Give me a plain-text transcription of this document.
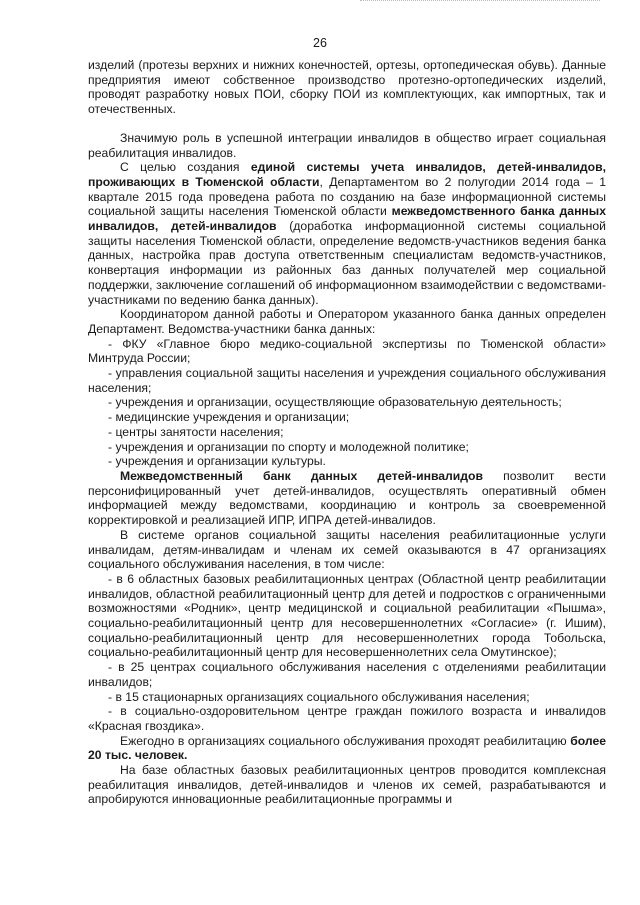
26

изделий (протезы верхних и нижних конечностей, ортезы, ортопедическая обувь). Данные предприятия имеют собственное производство протезно-ортопедических изделий, проводят разработку новых ПОИ, сборку ПОИ из комплектующих, как импортных, так и отечественных.

Значимую роль в успешной интеграции инвалидов в общество играет социальная реабилитация инвалидов.

С целью создания единой системы учета инвалидов, детей-инвалидов, проживающих в Тюменской области, Департаментом во 2 полугодии 2014 года – 1 квартале 2015 года проведена работа по созданию на базе информационной системы социальной защиты населения Тюменской области межведомственного банка данных инвалидов, детей-инвалидов (доработка информационной системы социальной защиты населения Тюменской области, определение ведомств-участников ведения банка данных, настройка прав доступа ответственным специалистам ведомств-участников, конвертация информации из районных баз данных получателей мер социальной поддержки, заключение соглашений об информационном взаимодействии с ведомствами-участниками по ведению банка данных).

Координатором данной работы и Оператором указанного банка данных определен Департамент. Ведомства-участники банка данных:

- ФКУ «Главное бюро медико-социальной экспертизы по Тюменской области» Минтруда России;

- управления социальной защиты населения и учреждения социального обслуживания населения;

- учреждения и организации, осуществляющие образовательную деятельность;

- медицинские учреждения и организации;

- центры занятости населения;

- учреждения и организации по спорту и молодежной политике;

- учреждения и организации культуры.

Межведомственный банк данных детей-инвалидов позволит вести персонифицированный учет детей-инвалидов, осуществлять оперативный обмен информацией между ведомствами, координацию и контроль за своевременной корректировкой и реализацией ИПР, ИПРА детей-инвалидов.

В системе органов социальной защиты населения реабилитационные услуги инвалидам, детям-инвалидам и членам их семей оказываются в 47 организациях социального обслуживания населения, в том числе:

- в 6 областных базовых реабилитационных центрах (Областной центр реабилитации инвалидов, областной реабилитационный центр для детей и подростков с ограниченными возможностями «Родник», центр медицинской и социальной реабилитации «Пышма», социально-реабилитационный центр для несовершеннолетних «Согласие» (г. Ишим), социально-реабилитационный центр для несовершеннолетних города Тобольска, социально-реабилитационный центр для несовершеннолетних села Омутинское);

- в 25 центрах социального обслуживания населения с отделениями реабилитации инвалидов;

- в 15 стационарных организациях социального обслуживания населения;

- в социально-оздоровительном центре граждан пожилого возраста и инвалидов «Красная гвоздика».

Ежегодно в организациях социального обслуживания проходят реабилитацию более 20 тыс. человек.

На базе областных базовых реабилитационных центров проводится комплексная реабилитация инвалидов, детей-инвалидов и членов их семей, разрабатываются и апробируются инновационные реабилитационные программы и
